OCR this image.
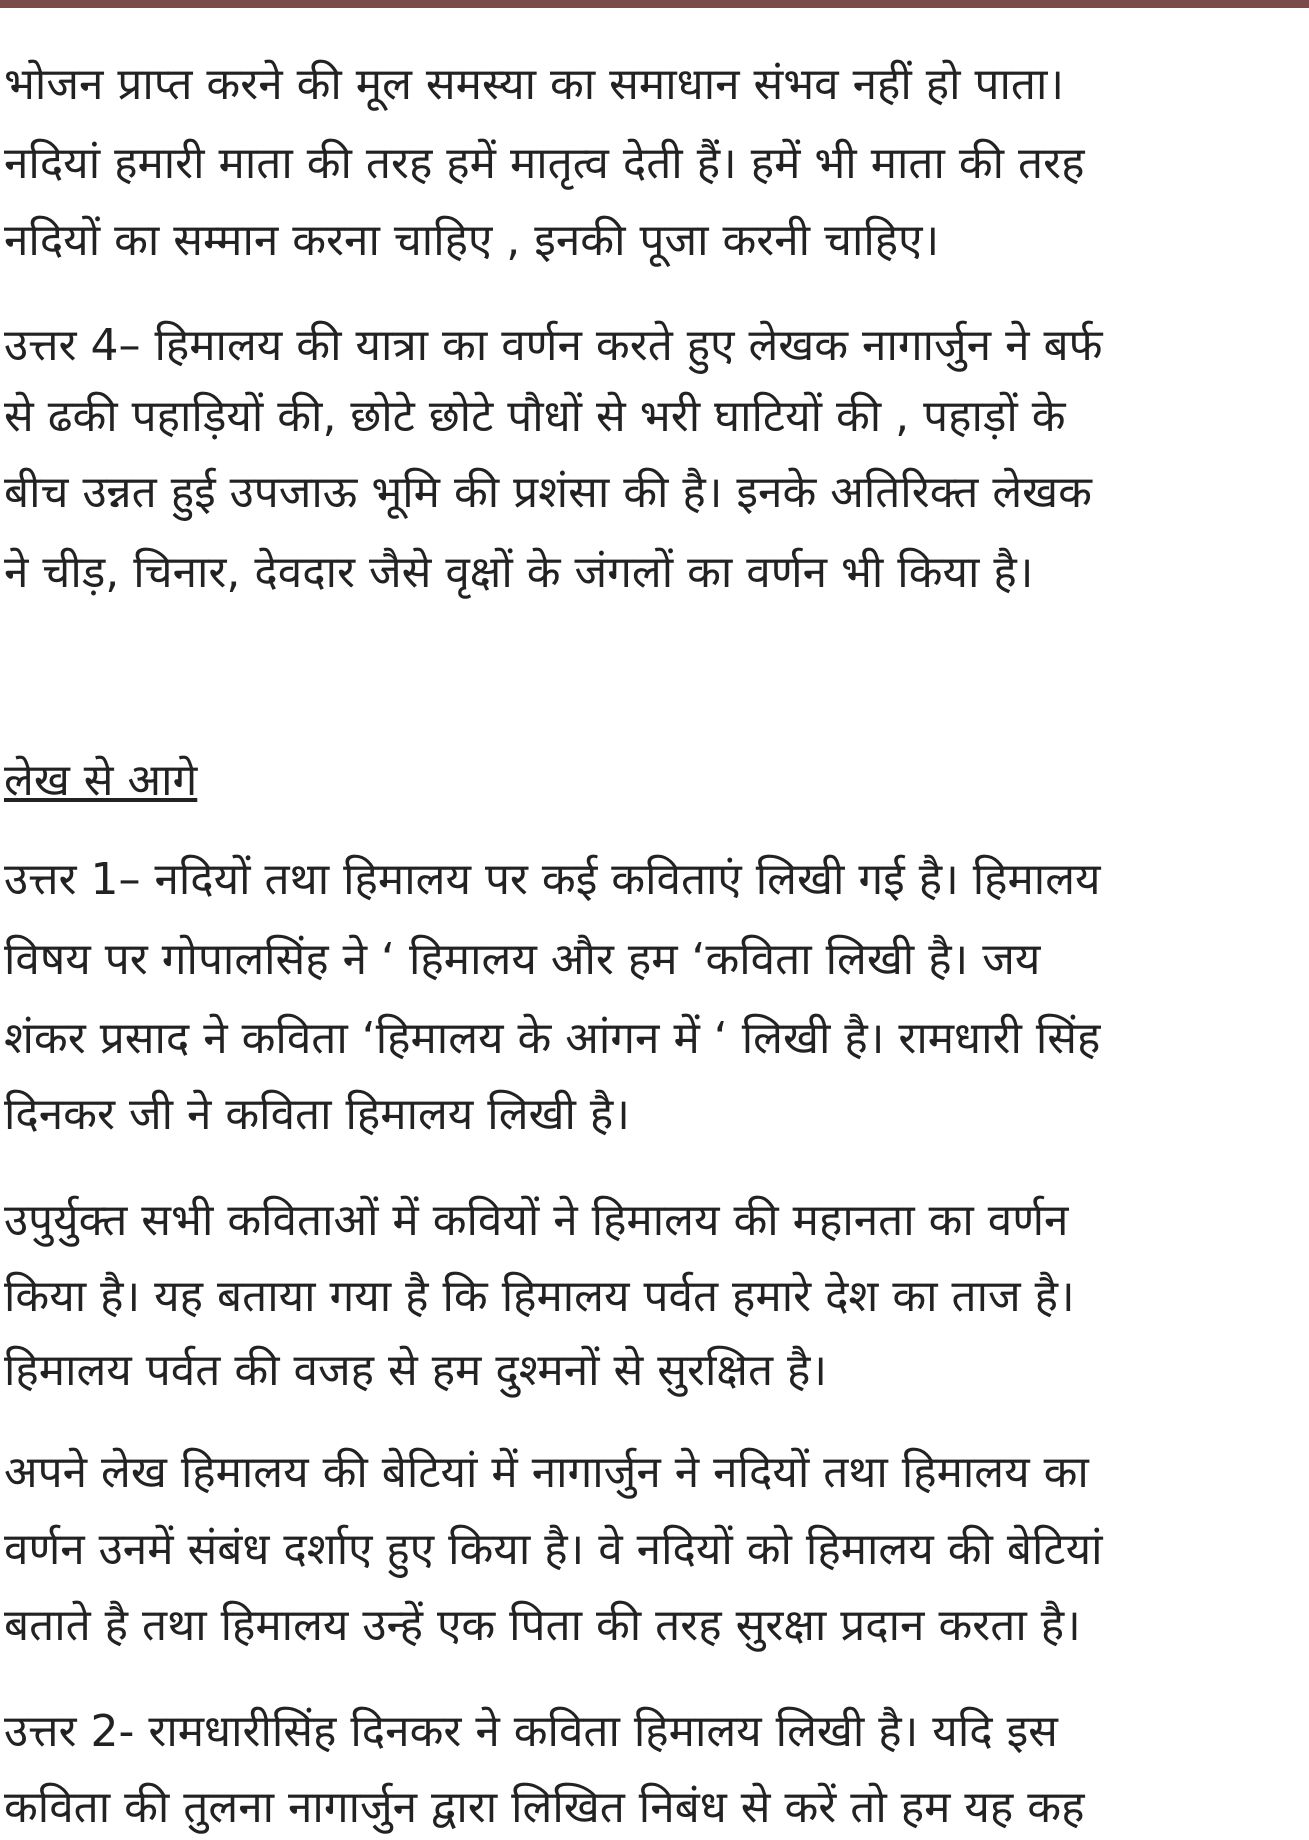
भोजन प्राप्त करने की मूल समस्या का समाधान संभव नहीं हो पाता।
नदियां हमारी माता की तरह हमें मातृत्व देती हैं। हमें भी माता की तरह
नदियों का सम्मान करना चाहिए , इनकी पूजा करनी चाहिए।
उत्तर 4– हिमालय की यात्रा का वर्णन करते हुए लेखक नागार्जुन ने बर्फ
से ढकी पहाड़ियों की, छोटे छोटे पौधों से भरी घाटियों की , पहाड़ों के
बीच उन्नत हुई उपजाऊ भूमि की प्रशंसा की है। इनके अतिरिक्त लेखक
ने चीड़, चिनार, देवदार जैसे वृक्षों के जंगलों का वर्णन भी किया है।
लेख से आगे
उत्तर 1– नदियों तथा हिमालय पर कई कविताएं लिखी गई है। हिमालय
विषय पर गोपालसिंह ने ‘ हिमालय और हम ‘कविता लिखी है। जय
शंकर प्रसाद ने कविता ‘हिमालय के आंगन में ‘ लिखी है। रामधारी सिंह
दिनकर जी ने कविता हिमालय लिखी है।
उपुर्युक्त सभी कविताओं में कवियों ने हिमालय की महानता का वर्णन
किया है। यह बताया गया है कि हिमालय पर्वत हमारे देश का ताज है।
हिमालय पर्वत की वजह से हम दुश्मनों से सुरक्षित है।
अपने लेख हिमालय की बेटियां में नागार्जुन ने नदियों तथा हिमालय का
वर्णन उनमें संबंध दर्शाए हुए किया है। वे नदियों को हिमालय की बेटियां
बताते है तथा हिमालय उन्हें एक पिता की तरह सुरक्षा प्रदान करता है।
उत्तर 2- रामधारीसिंह दिनकर ने कविता हिमालय लिखी है। यदि इस
कविता की तुलना नागार्जुन द्वारा लिखित निबंध से करें तो हम यह कह
